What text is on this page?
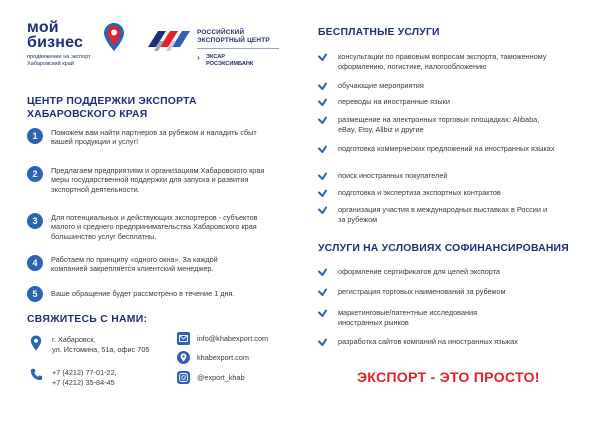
мой
бизнес
продвижение на экспорт
Хабаровский край
РОССИЙСКИЙ
ЭКСПОРТНЫЙ ЦЕНТР
› ЭКСАР
РОСЭКСИМБАНК
ЦЕНТР ПОДДЕРЖКИ ЭКСПОРТА ХАБАРОВСКОГО КРАЯ
1	Поможем вам найти партнеров за рубежом и наладить сбыт вашей продукции и услуг!
2	Предлагаем предприятиям и организациям Хабаровского края меры государственной поддержки для запуска и развития экспортной деятельности.
3	Для потенциальных и действующих экспортеров - субъектов малого и среднего предпринимательства Хабаровского края большинство услуг бесплатны.
4	Работаем по принципу «одного окна». За каждой компанией закрепляется клиентский менеджер.
5	Ваше обращение будет рассмотрено в течение 1 дня.
СВЯЖИТЕСЬ С НАМИ:
г. Хабаровск,
ул. Истомина, 51а, офис 705
+7 (4212) 77-01-22,
+7 (4212) 35-84-45
info@khabexport.com
khabexport.com
@export_khab
БЕСПЛАТНЫЕ УСЛУГИ
консультации по правовым вопросам экспорта, таможенному оформлению, логистике, налогообложению
обучающие мероприятия
переводы на иностранные языки
размещение на электронных торговых площадках: Alibaba, eBay, Etsy, Allbiz и другие
подготовка коммерческих предложений на иностранных языках
поиск иностранных покупателей
подготовка и экспертиза экспортных контрактов
организация участия в международных выставках в России и за рубежом
УСЛУГИ НА УСЛОВИЯХ СОФИНАНСИРОВАНИЯ
оформление сертификатов для целей экспорта
регистрация торговых наименований за рубежом
маркетинговые/патентные исследования иностранных рынков
разработка сайтов компаний на иностранных языках
ЭКСПОРТ - ЭТО ПРОСТО!
